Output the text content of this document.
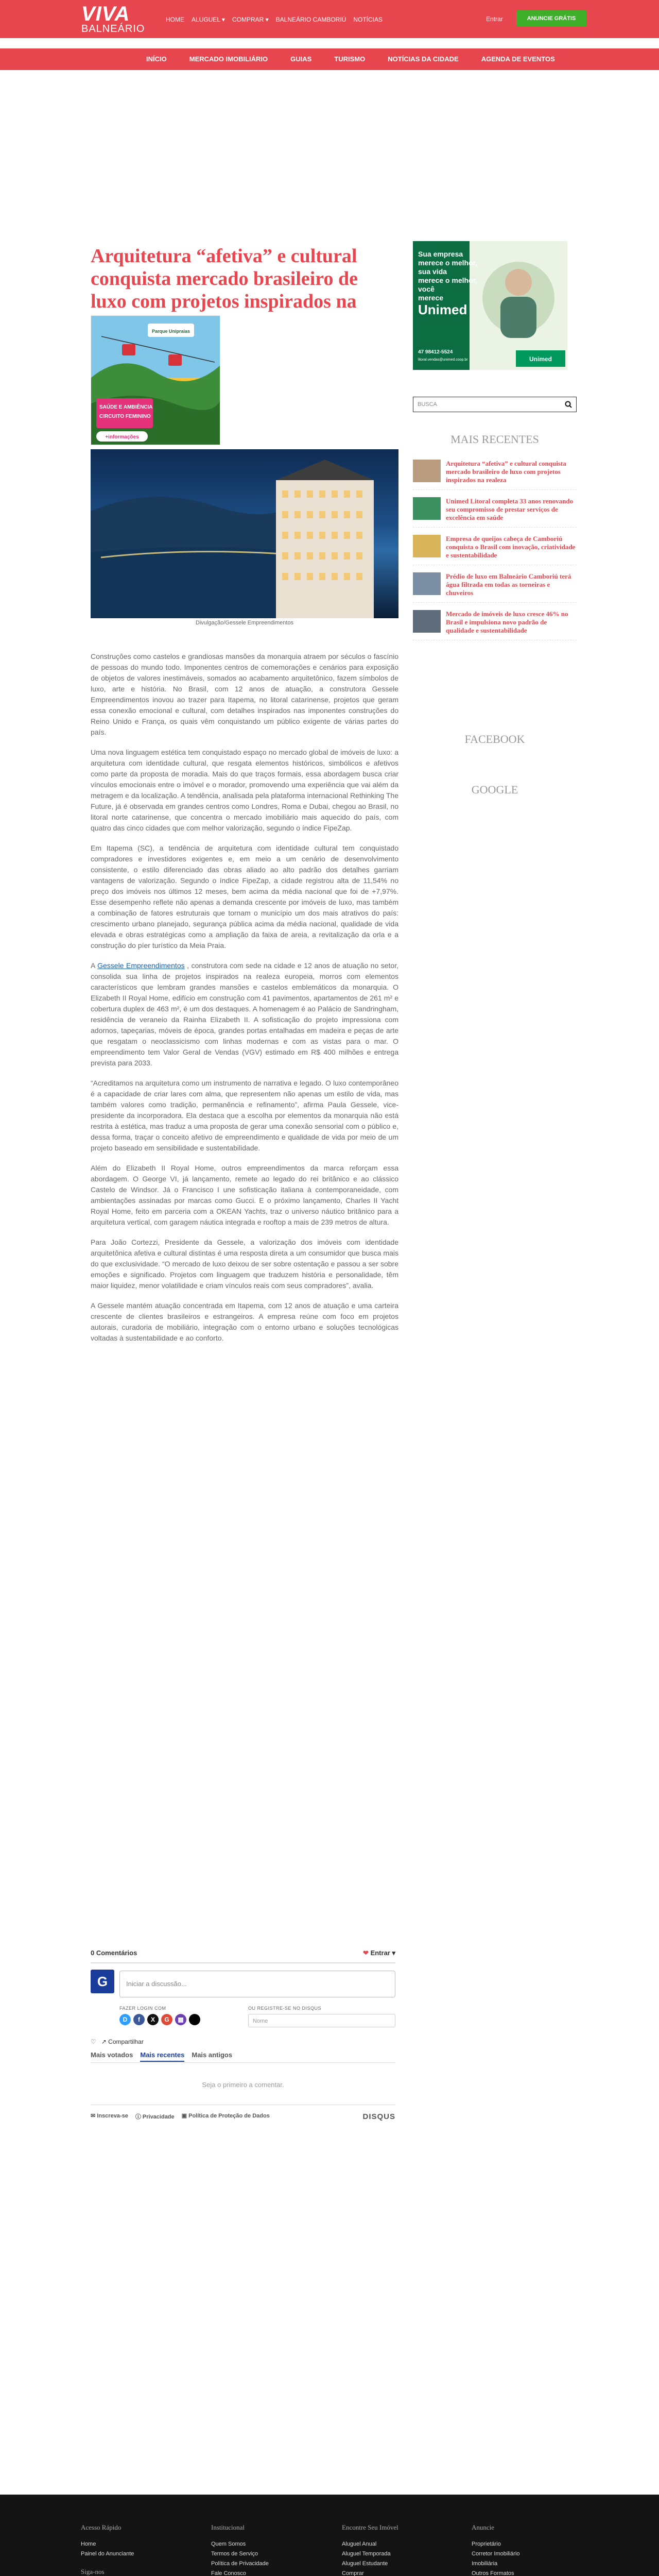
VIVA
BALNEÁRIO
HOME ALUGUEL ▾ COMPRAR ▾ BALNEÁRIO CAMBORIÚ NOTÍCIAS	Entrar	ANUNCIE GRÁTIS
INÍCIO	MERCADO IMOBILIÁRIO	GUIAS	TURISMO	NOTÍCIAS DA CIDADE	AGENDA DE EVENTOS
Arquitetura “afetiva” e cultural conquista mercado brasileiro de luxo com projetos inspirados na
Parque Unipraias
SAÚDE E AMBIÊNCIA
CIRCUITO FEMININO
+informações
Divulgação/Gessele Empreendimentos

Construções como castelos e grandiosas mansões da monarquia atraem por séculos o fascínio de pessoas do mundo todo. Imponentes centros de comemorações e cenários para exposição de objetos de valores inestimáveis, somados ao acabamento arquitetônico, fazem símbolos de luxo, arte e história. No Brasil, com 12 anos de atuação, a construtora Gessele Empreendimentos inovou ao trazer para Itapema, no litoral catarinense, projetos que geram essa conexão emocional e cultural, com detalhes inspirados nas imponentes construções do Reino Unido e França, os quais vêm conquistando um público exigente de várias partes do país.

Uma nova linguagem estética tem conquistado espaço no mercado global de imóveis de luxo: a arquitetura com identidade cultural, que resgata elementos históricos, simbólicos e afetivos como parte da proposta de moradia. Mais do que traços formais, essa abordagem busca criar vínculos emocionais entre o imóvel e o morador, promovendo uma experiência que vai além da metragem e da localização. A tendência, analisada pela plataforma internacional Rethinking The Future, já é observada em grandes centros como Londres, Roma e Dubai, chegou ao Brasil, no litoral norte catarinense, que concentra o mercado imobiliário mais aquecido do país, com quatro das cinco cidades que com melhor valorização, segundo o índice FipeZap.

Em Itapema (SC), a tendência de arquitetura com identidade cultural tem conquistado compradores e investidores exigentes e, em meio a um cenário de desenvolvimento consistente, o estilo diferenciado das obras aliado ao alto padrão dos detalhes garriam vantagens de valorização. Segundo o índice FipeZap, a cidade registrou alta de 11,54% no preço dos imóveis nos últimos 12 meses, bem acima da média nacional que foi de +7,97%. Esse desempenho reflete não apenas a demanda crescente por imóveis de luxo, mas também a combinação de fatores estruturais que tornam o município um dos mais atrativos do país: crescimento urbano planejado, segurança pública acima da média nacional, qualidade de vida elevada e obras estratégicas como a ampliação da faixa de areia, a revitalização da orla e a construção do píer turístico da Meia Praia.

A Gessele Empreendimentos , construtora com sede na cidade e 12 anos de atuação no setor, consolida sua linha de projetos inspirados na realeza europeia, morros com elementos característicos que lembram grandes mansões e castelos emblemáticos da monarquia. O Elizabeth II Royal Home, edifício em construção com 41 pavimentos, apartamentos de 261 m² e cobertura duplex de 463 m², é um dos destaques. A homenagem é ao Palácio de Sandringham, residência de veraneio da Rainha Elizabeth II. A sofisticação do projeto impressiona com adornos, tapeçarias, móveis de época, grandes portas entalhadas em madeira e peças de arte que resgatam o neoclassicismo com linhas modernas e com as vistas para o mar. O empreendimento tem Valor Geral de Vendas (VGV) estimado em R$ 400 milhões e entrega prevista para 2033.

“Acreditamos na arquitetura como um instrumento de narrativa e legado. O luxo contemporâneo é a capacidade de criar lares com alma, que representem não apenas um estilo de vida, mas também valores como tradição, permanência e refinamento”, afirma Paula Gessele, vice-presidente da incorporadora. Ela destaca que a escolha por elementos da monarquia não está restrita à estética, mas traduz a uma proposta de gerar uma conexão sensorial com o público e, dessa forma, traçar o conceito afetivo de empreendimento e qualidade de vida por meio de um projeto baseado em sensibilidade e sustentabilidade.

Além do Elizabeth II Royal Home, outros empreendimentos da marca reforçam essa abordagem. O George VI, já lançamento, remete ao legado do rei britânico e ao clássico Castelo de Windsor. Já o Francisco I une sofisticação italiana à contemporaneidade, com ambientações assinadas por marcas como Gucci. E o próximo lançamento, Charles II Yacht Royal Home, feito em parceria com a OKEAN Yachts, traz o universo náutico britânico para a arquitetura vertical, com garagem náutica integrada e rooftop a mais de 239 metros de altura.

Para João Cortezzi, Presidente da Gessele, a valorização dos imóveis com identidade arquitetônica afetiva e cultural distintas é uma resposta direta a um consumidor que busca mais do que exclusividade. “O mercado de luxo deixou de ser sobre ostentação e passou a ser sobre emoções e significado. Projetos com linguagem que traduzem história e personalidade, têm maior liquidez, menor volatilidade e criam vínculos reais com seus compradores”, avalia.

A Gessele mantém atuação concentrada em Itapema, com 12 anos de atuação e uma carteira crescente de clientes brasileiros e estrangeiros. A empresa reúne com foco em projetos autorais, curadoria de mobiliário, integração com o entorno urbano e soluções tecnológicas voltadas à sustentabilidade e ao conforto.

Sua empresa
merece o melhor,
sua vida
merece o melhor,
você
merece
Unimed
47 98412-5524
litoral.vendas@unimed.coop.br	Unimed
BUSCA
MAIS RECENTES
Arquitetura “afetiva” e cultural conquista mercado brasileiro de luxo com projetos inspirados na realeza
Unimed Litoral completa 33 anos renovando seu compromisso de prestar serviços de excelência em saúde
Empresa de queijos cabeça de Camboriú conquista o Brasil com inovação, criatividade e sustentabilidade
Prédio de luxo em Balneário Camboriú terá água filtrada em todas as torneiras e chuveiros
Mercado de imóveis de luxo cresce 46% no Brasil e impulsiona novo padrão de qualidade e sustentabilidade
FACEBOOK
GOOGLE
0 Comentários	❤ Entrar ▾
G	Iniciar a discussão...
FAZER LOGIN COM
D	f	X	G	▦
OU REGISTRE-SE NO DISQUS
Nome
♡   ↗ Compartilhar
Mais votados Mais recentes Mais antigos
Seja o primeiro a comentar.
✉ Inscreva-se ⓘ Privacidade ▣ Política de Proteção de Dados	DISQUS
Acesso Rápido
Home
Painel do Anunciante
Siga-nos
Institucional
Quem Somos
Termos de Serviço
Política de Privacidade
Fale Conosco
Encontre Seu Imóvel
Aluguel Anual
Aluguel Temporada
Aluguel Estudante
Comprar
Anuncie
Proprietário
Corretor Imobiliário
Imobiliária
Outros Formatos
